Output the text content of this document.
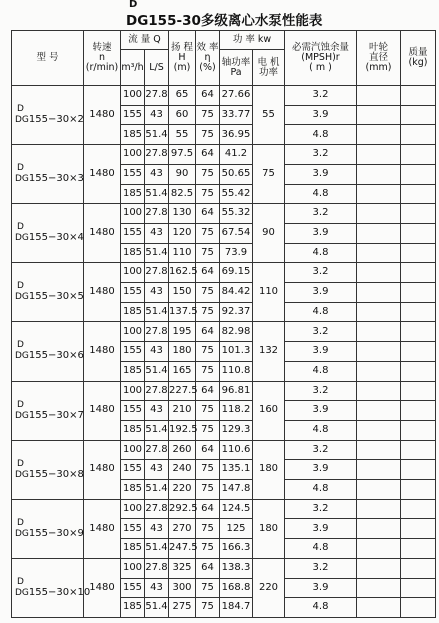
D
DG155-30多级离心水泵性能表
型 号	转速
n
(r/min)	流 量 Q		扬 程
H
(m)	效 率
η
(%)	功 率 kw		必需汽蚀余量
(MPSH)r
( m )	叶轮
直径
(mm)	质量
(kg)
		m³/h	L/S			轴功率
Pa	电 机
功率			

D
DG155−30×2	1480	100	27.8	65	64	27.66	55	3.2		
		155	43	60	75	33.77		3.9		
		185	51.4	55	75	36.95		4.8		

D
DG155−30×3	1480	100	27.8	97.5	64	41.2	75	3.2		
		155	43	90	75	50.65		3.9		
		185	51.4	82.5	75	55.42		4.8		

D
DG155−30×4	1480	100	27.8	130	64	55.32	90	3.2		
		155	43	120	75	67.54		3.9		
		185	51.4	110	75	73.9		4.8		

D
DG155−30×5	1480	100	27.8	162.5	64	69.15	110	3.2		
		155	43	150	75	84.42		3.9		
		185	51.4	137.5	75	92.37		4.8		

D
DG155−30×6	1480	100	27.8	195	64	82.98	132	3.2		
		155	43	180	75	101.3		3.9		
		185	51.4	165	75	110.8		4.8		

D
DG155−30×7	1480	100	27.8	227.5	64	96.81	160	3.2		
		155	43	210	75	118.2		3.9		
		185	51.4	192.5	75	129.3		4.8		

D
DG155−30×8	1480	100	27.8	260	64	110.6	180	3.2		
		155	43	240	75	135.1		3.9		
		185	51.4	220	75	147.8		4.8		

D
DG155−30×9	1480	100	27.8	292.5	64	124.5	180	3.2		
		155	43	270	75	125		3.9		
		185	51.4	247.5	75	166.3		4.8		

D
DG155−30×10	1480	100	27.8	325	64	138.3	220	3.2		
		155	43	300	75	168.8		3.9		
		185	51.4	275	75	184.7		4.8		
